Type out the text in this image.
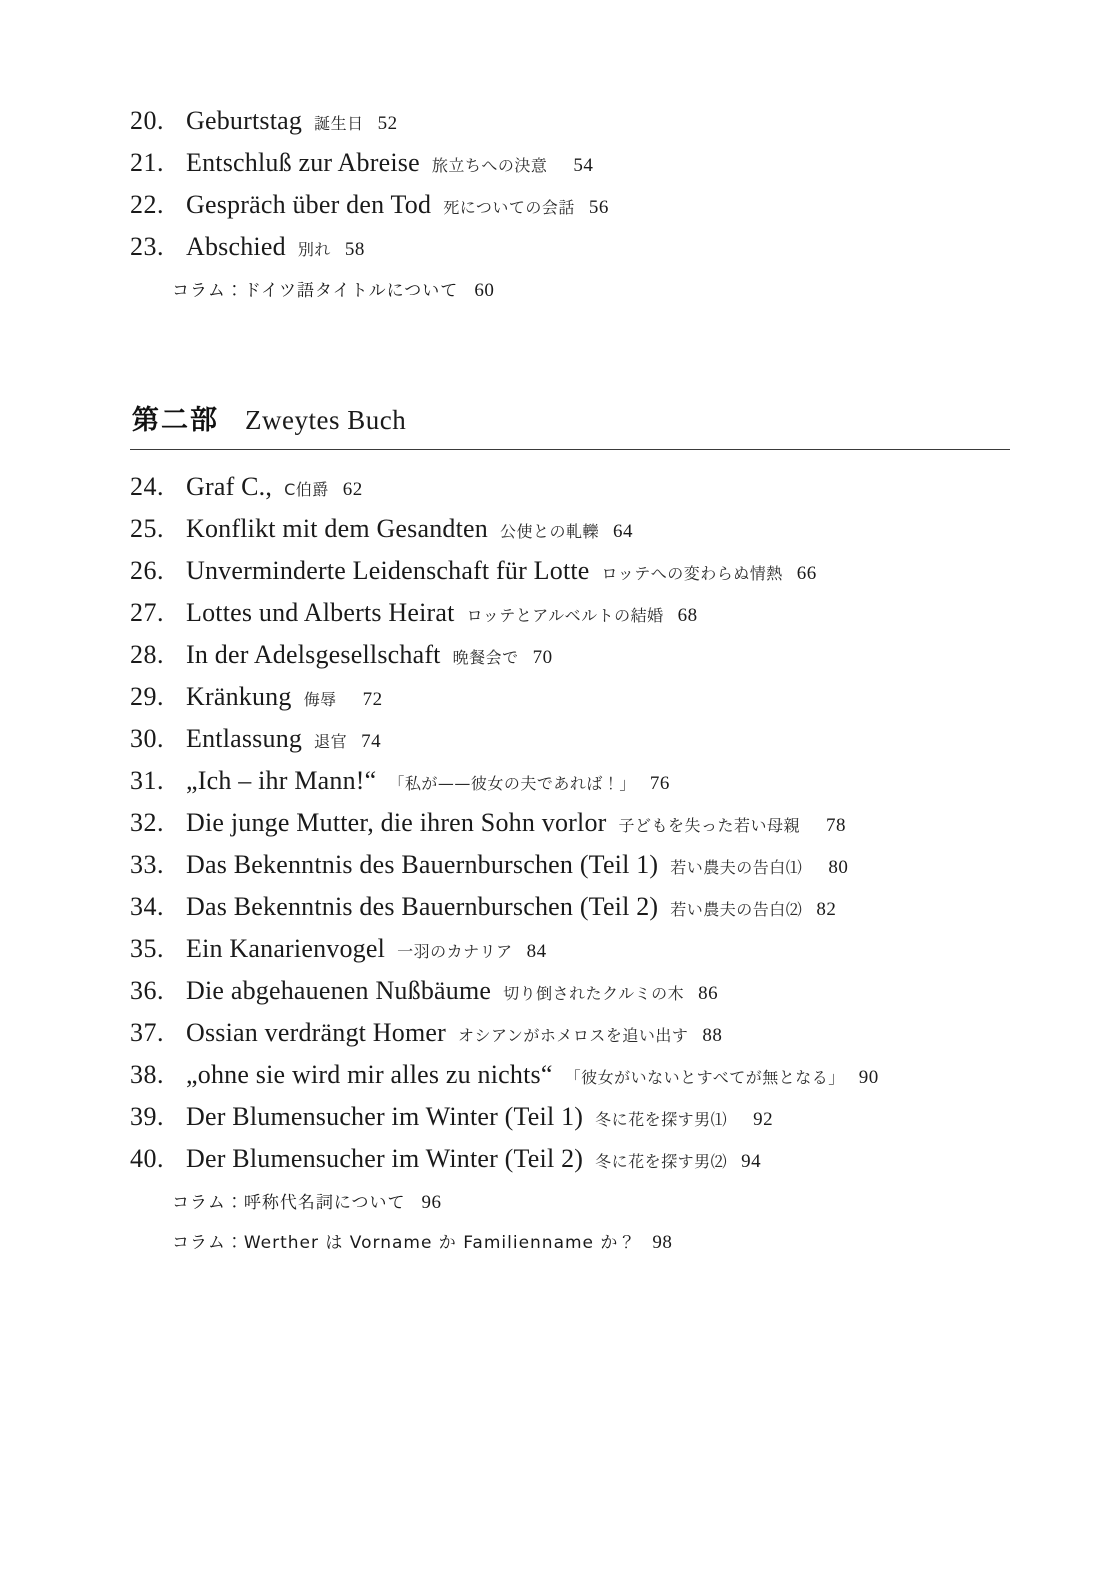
20. Geburtstag 誕生日 52
21. Entschluß zur Abreise 旅立ちへの決意 54
22. Gespräch über den Tod 死についての会話 56
23. Abschied 別れ 58
コラム：ドイツ語タイトルについて 60
第二部 Zweytes Buch
24. Graf C., C伯爵 62
25. Konflikt mit dem Gesandten 公使との軋轢 64
26. Unverminderte Leidenschaft für Lotte ロッテへの変わらぬ情熱 66
27. Lottes und Alberts Heirat ロッテとアルベルトの結婚 68
28. In der Adelsgesellschaft 晩餐会で 70
29. Kränkung 侮辱 72
30. Entlassung 退官 74
31. „Ich – ihr Mann!“ 「私が——彼女の夫であれば！」 76
32. Die junge Mutter, die ihren Sohn vorlor 子どもを失った若い母親 78
33. Das Bekenntnis des Bauernburschen (Teil 1) 若い農夫の告白⑴ 80
34. Das Bekenntnis des Bauernburschen (Teil 2) 若い農夫の告白⑵ 82
35. Ein Kanarienvogel 一羽のカナリア 84
36. Die abgehauenen Nußbäume 切り倒されたクルミの木 86
37. Ossian verdrängt Homer オシアンがホメロスを追い出す 88
38. „ohne sie wird mir alles zu nichts“ 「彼女がいないとすべてが無となる」 90
39. Der Blumensucher im Winter (Teil 1) 冬に花を探す男⑴ 92
40. Der Blumensucher im Winter (Teil 2) 冬に花を探す男⑵ 94
コラム：呼称代名詞について 96
コラム：Werther は Vorname か Familienname か？ 98
